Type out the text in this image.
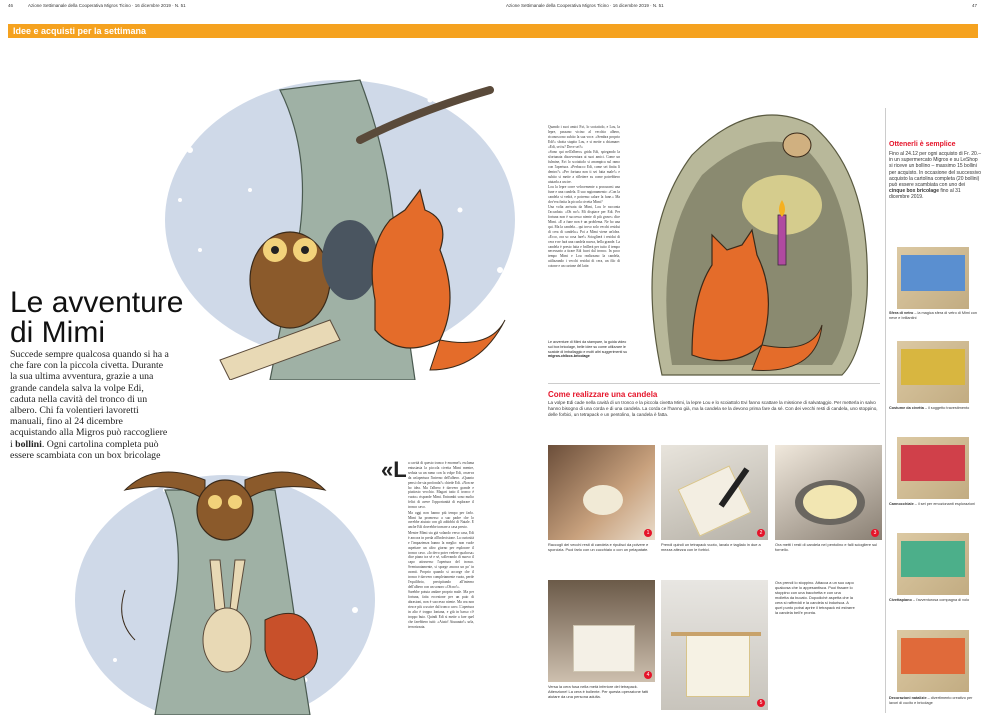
46	Azione Settimanale della Cooperativa Migros Ticino · 16 dicembre 2019 · N. 51	Azione Settimanale della Cooperativa Migros Ticino · 16 dicembre 2019 · N. 51	47
Idee e acquisti per la settimana
Le avventure
di Mimi
Succede sempre qualcosa quando si ha a che fare con la piccola civetta. Durante la sua ultima avventura, grazie a una grande candela salva la volpe Edi, caduta nella cavità del tronco di un albero. Chi fa volentieri lavoretti manuali, fino al 24 dicembre acquistando alla Migros può raccogliere i bollini. Ogni cartolina completa può essere scambiata con un box bricolage
«L a cavità di questo tronco è enorme!» esclama entusiasta la piccola civetta Mimi mentre, seduta su un ramo con la volpe Edi, osserva da un'apertura l'interno dell'albero. «Quanto pensi che sia profonda?» chiede Edi. «Non ne ho idea. Ma l'albero è davvero grande e piuttosto vecchio. Magari tutto il tronco è vuoto» risponde Mimi. Entrambi sono molto felici di avere l'opportunità di esplorare il tronco cavo.

Ma oggi non hanno più tempo per farlo. Mimi ha promesso a suo padre che lo avrebbe aiutato con gli addobbi di Natale. E anche Edi dovrebbe tornare a casa presto.

Mentre Mimi sta già volando verso casa, Edi è ancora in preda all'indecisione. La curiosità e l'impazienza hanno la meglio: non vuole aspettare un altro giorno per esplorare il tronco cavo. «Io devo poter vedere qualcosa» dice piano tra sé e sé, sollevando di nuovo il capo attraverso l'apertura del tronco. Sventuratamente, si sporge ancora un po' in avanti. Proprio quando si accorge che il tronco è davvero completamente vuoto, perde l'equilibrio, precipitando all'interno dell'albero con un sonoro «Oh no!».

Sarebbe potuta andare proprio male. Ma per fortuna, fatta eccezione per un paio di abrasioni, non è successo niente. Ma ora non riesce più a uscire dal tronco cavo. L'apertura in alto è troppo lontana, e giù in basso c'è troppo buio. Quindi Edi si mette a fare quel che farebbero tutti: «Aiuto! Aiuuuuto!» urla, terrorizzata.

Quando i suoi amici Evi, lo scoiattolo, e Lou, la lepre, passano vicino al vecchio albero, riconoscono subito la sua voce. «Sembra proprio Edi!» sbotta stupito Lou, e si mette a chiamare: «Edi, sei tu? Dove sei?»

«Sono qui nell'albero» grida Edi, spiegando la sfortunata disavventura ai suoi amici. Come un fulmine, Evi lo scoiattolo si arrampica sul ramo con l'apertura. «Perbacco Edi, come sei finita lì dentro?» «Per fortuna non ti sei fatta male!» e subito si mette a riflettere su come potrebbero aiutarla a uscire.

Lou la lepre corre velocemente a procurarsi una fune e una candela. Il suo ragionamento: «Con la candela si vedrà, e potremo calare la fune.» Ma dov'era finita la piccola civetta Mimi?

Una volta arrivata da Mimi, Lou le racconta l'accaduto. «Oh no!» Mi dispiace per Edi. Per fortuna non è successo niente di più grave» dice Mimi. «E a fune non è un problema. Ne ho una qui. Ma la candela... qui trovo solo vecchi residui di cera di candela.» Poi a Mimi viene un'idea. «Ecco, ora so cosa fare!» Scioglierà i residui di cera e ne farà una candela nuova, bella grande. La candela è presto fatta e brillerà per tutto il tempo necessario a tirare Edi fuori dal tronco. In poco tempo Mimi e Lou realizzano la candela, utilizzando i vecchi residui di cera, un filo di cotone e un cartone del latte.

Le avventure di Mimi da stampare, la guida video sui box bricolage, belle idee su come utilizzare le scatole di imballaggio e molti altri suggerimenti su migros.ch/box-bricolage
Come realizzare una candela
La volpe Edi cade nella cavità di un tronco e la piccola civetta Mimi, la lepre Lou e lo scoiattolo Evi fanno scattare la missione di salvataggio. Per metterla in salvo hanno bisogno di una corda e di una candela. La corda ce l'hanno già, ma la candela se la devono prima fare da sé. Con dei vecchi resti di candela, uno stoppino, delle forbici, un tetrapack e un pentolino, la candela è fatta.
1
Raccogli dei vecchi resti di candela e ripulisci da polvere e sporcizia. Puoi farlo con un cucchiaio o con un pelapatate.
2
Prendi quindi un tetrapack vuoto, lavalo e taglialo in due a mezza altezza con le forbici.
3
Ora metti i resti di candela nel pentolino e falli sciogliere sul fornello.
4
Versa la cera fusa nella metà inferiore del tetrapack. Attenzione! La cera è bollente. Per questa operazione fatti aiutare da una persona adulta.
5
Ora prendi lo stoppino. Attacca a un suo capo qualcosa che lo appesantisca. Puoi fissare lo stoppino con una bacchetta e con una molletta da bucato. Dopodiché aspetta che la cera si raffreddi e la candela si indurisca. A quel punto potrai aprire il tetrapack ed estrarre la candela bell'e pronta.
Ottenerli è semplice
Fino al 24.12 per ogni acquisto di Fr. 20.– in un supermercato Migros e su LeShop si riceve un bollino – massimo 15 bollini per acquisto. In occasione del successivo acquisto la cartolina completa (20 bollini) può essere scambiata con uno dei cinque box bricolage fino al 31 dicembre 2019.
Sfera di vetro – la magica sfera di vetro di Mimi con neve e brillantini
Costume da civetta – il soggetto travestimento
Cannocchiale – il set per emozionanti esplorazioni
Civettapiano – l'avventurosa compagna di volo
Decorazioni natalizie – divertimento creativo per lavori di cucito e bricolage
